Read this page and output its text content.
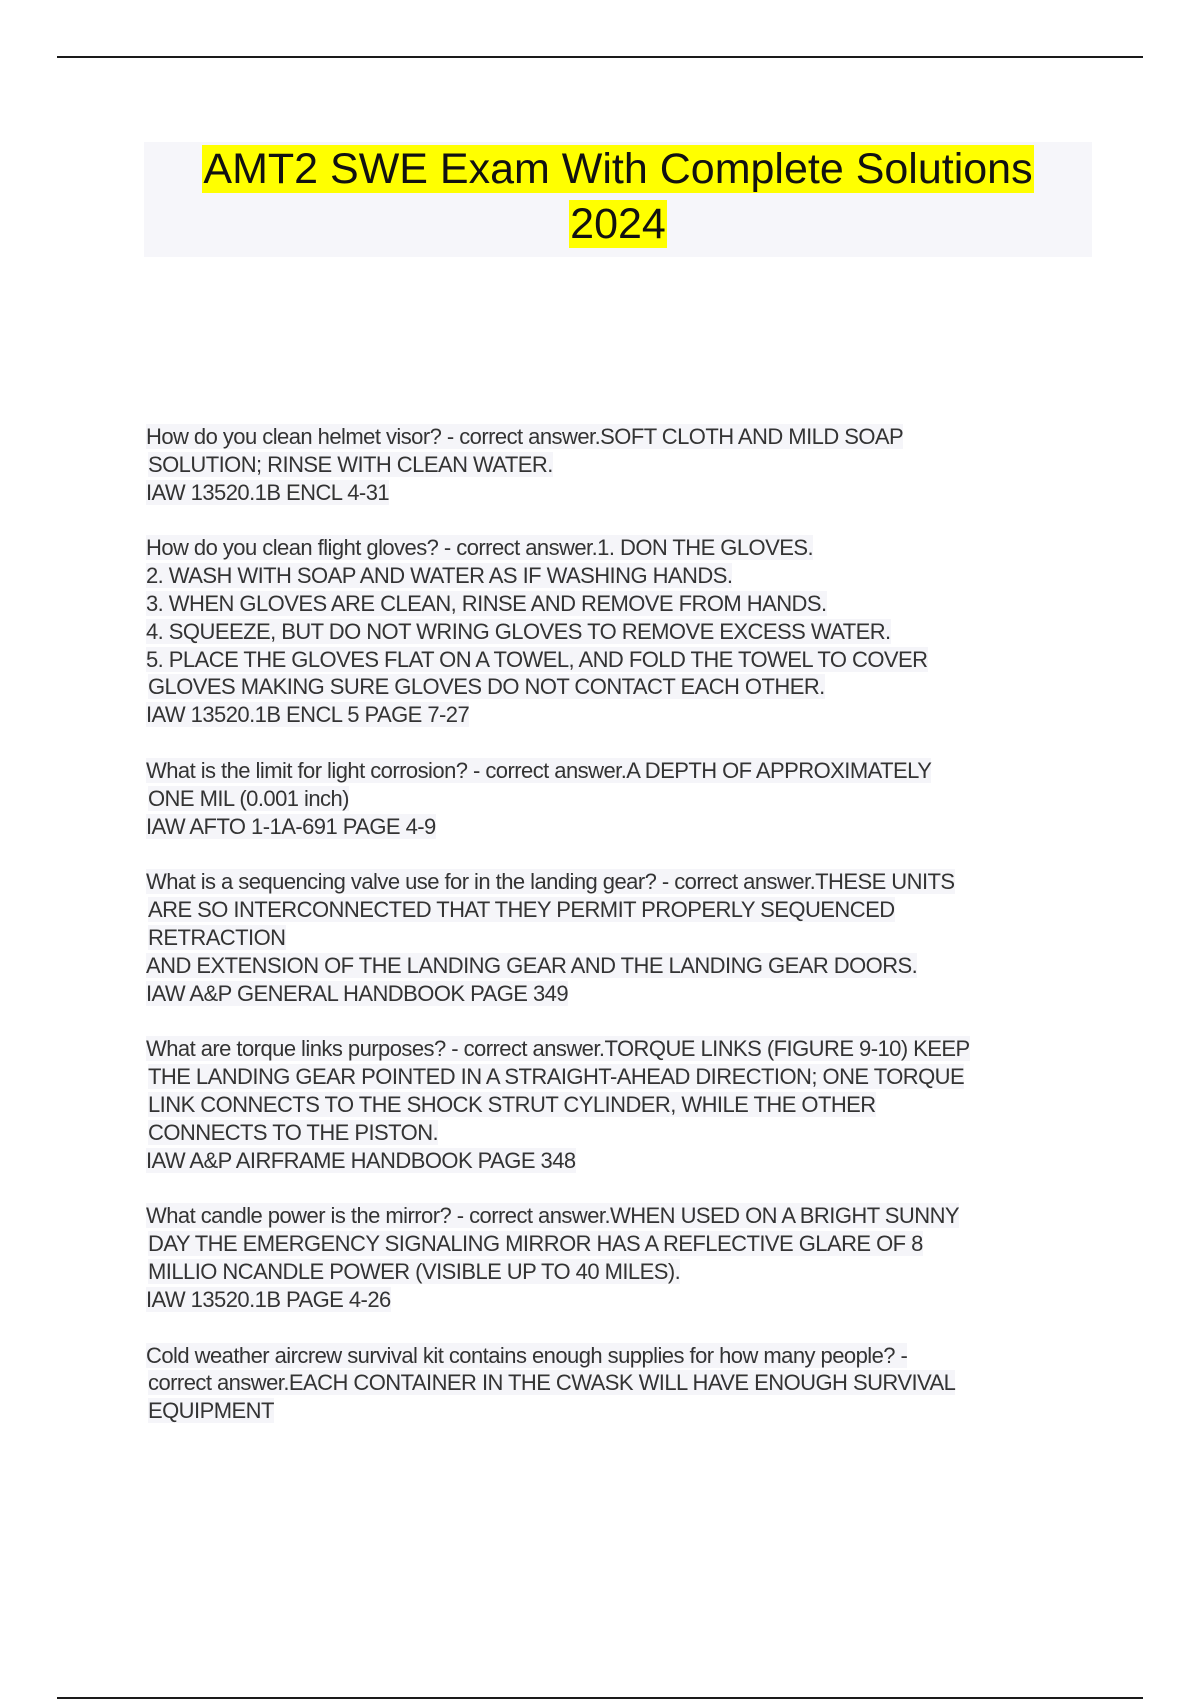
AMT2 SWE Exam With Complete Solutions
2024
How do you clean helmet visor? - correct answer.SOFT CLOTH AND MILD SOAP
SOLUTION; RINSE WITH CLEAN WATER.
IAW 13520.1B ENCL 4-31
How do you clean flight gloves? - correct answer.1. DON THE GLOVES.
2. WASH WITH SOAP AND WATER AS IF WASHING HANDS.
3. WHEN GLOVES ARE CLEAN, RINSE AND REMOVE FROM HANDS.
4. SQUEEZE, BUT DO NOT WRING GLOVES TO REMOVE EXCESS WATER.
5. PLACE THE GLOVES FLAT ON A TOWEL, AND FOLD THE TOWEL TO COVER
GLOVES MAKING SURE GLOVES DO NOT CONTACT EACH OTHER.
IAW 13520.1B ENCL 5 PAGE 7-27
What is the limit for light corrosion? - correct answer.A DEPTH OF APPROXIMATELY
ONE MIL (0.001 inch)
IAW AFTO 1-1A-691 PAGE 4-9
What is a sequencing valve use for in the landing gear? - correct answer.THESE UNITS
ARE SO INTERCONNECTED THAT THEY PERMIT PROPERLY SEQUENCED
RETRACTION
AND EXTENSION OF THE LANDING GEAR AND THE LANDING GEAR DOORS.
IAW A&P GENERAL HANDBOOK PAGE 349
What are torque links purposes? - correct answer.TORQUE LINKS (FIGURE 9-10) KEEP
THE LANDING GEAR POINTED IN A STRAIGHT-AHEAD DIRECTION; ONE TORQUE
LINK CONNECTS TO THE SHOCK STRUT CYLINDER, WHILE THE OTHER
CONNECTS TO THE PISTON.
IAW A&P AIRFRAME HANDBOOK PAGE 348
What candle power is the mirror? - correct answer.WHEN USED ON A BRIGHT SUNNY
DAY THE EMERGENCY SIGNALING MIRROR HAS A REFLECTIVE GLARE OF 8
MILLIO NCANDLE POWER (VISIBLE UP TO 40 MILES).
IAW 13520.1B PAGE 4-26
Cold weather aircrew survival kit contains enough supplies for how many people? -
correct answer.EACH CONTAINER IN THE CWASK WILL HAVE ENOUGH SURVIVAL
EQUIPMENT
